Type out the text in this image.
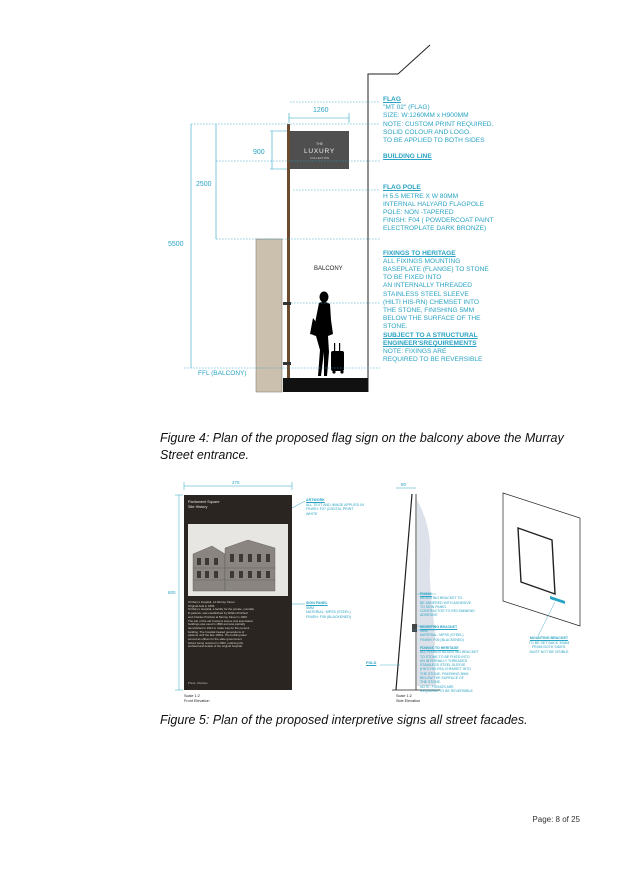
THE
LUXURY
COLLECTION
BALCONY
1260
900
2500
5500
FFL (BALCONY)
FLAG
"MT 02" (FLAG)
SIZE: W:1260MM x H900MM
NOTE: CUSTOM PRINT REQUIRED.
SOLID COLOUR AND LOGO.
TO BE APPLIED TO BOTH SIDES
BUILDING LINE
FLAG POLE
H 5.5 METRE X W 80MM
INTERNAL HALYARD FLAGPOLE
POLE: NON -TAPERED
FINISH: F04 ( POWDERCOAT PAINT
ELECTROPLATE DARK BRONZE)
FIXINGS TO HERITAGE
ALL FIXINGS MOUNTING
BASEPLATE (FLANGE) TO STONE
TO BE FIXED INTO
AN INTERNALLY THREADED
STAINLESS STEEL SLEEVE
(HILTI HIS-RN) CHEMSET INTO
THE STONE, FINISHING 5MM
BELOW THE SURFACE OF THE
STONE.
SUBJECT TO A STRUCTURAL
ENGINEER'SREQUIREMENTS
NOTE: FIXINGS ARE
REQUIRED TO BE REVERSIBLE
Figure 4: Plan of the proposed flag sign on the balcony above the Murray Street entrance.
275
800
80
Parliament Square
Site History
St Mary's Hospital, 1A Murray Street
Original built in 1896
St Mary's Hospital, a facility for the private, mentally
ill patients, was established by Willam Pritchett
and Charles Pritchett at Murray Street in 1900.
The site of the old Customs House and associated
buildings was used in 1896 and was partially
demolished in 1911 to make way for the present
building. The hospital treated generations of
patients until the late 1960s. The building later
served as offices for the state government
before being restored in 2000, retaining the
architectural details of the original hospital.
Photo: Libraries
ARTWORK
ALL TEXT AND IMAGE APPLIED IN
FINISH: F07 (DIGITAL PRINT
WHITE
SIGN PANEL
5MM
MATERIAL: MPSS (STEEL)
FINISH: F06 (BLACKENED)
Scale 1:2
Front Elevation
FIXING
MOUNTING BRACKET TO
BE ADHERED WITH ADHESIVE
TO SIGN PANEL
CONTRACTOR TO RECOMMEND
ADHESIVE
MOUNTING BRACKET
5MM
MATERIAL: MPSS (STEEL)
FINISH: F06 (BLACKENED)
FIXINGS TO HERITAGE
ALL FIXINGS MOUNTING BRACKET
TO STONE TO BE FIXED INTO
AN INTERNALLY THREADED
STAINLESS STEEL SLEEVE
(HILTI HIS-RN) CHEMSET INTO
THE STONE, FINISHING 5MM
BELOW THE SURFACE OF
THE STONE.
NOTE: FIXINGS ARE
REQUIRED TO BE REVERSIBLE
FOLD
Scale 1:2
Side Elevation
MOUNTING BRACKET
TO BE SET BACK 30MM
FROM BOTH SIDES.
MUST NOT BE VISIBLE
Figure 5: Plan of the proposed interpretive signs all street facades.
Page: 8 of 25
